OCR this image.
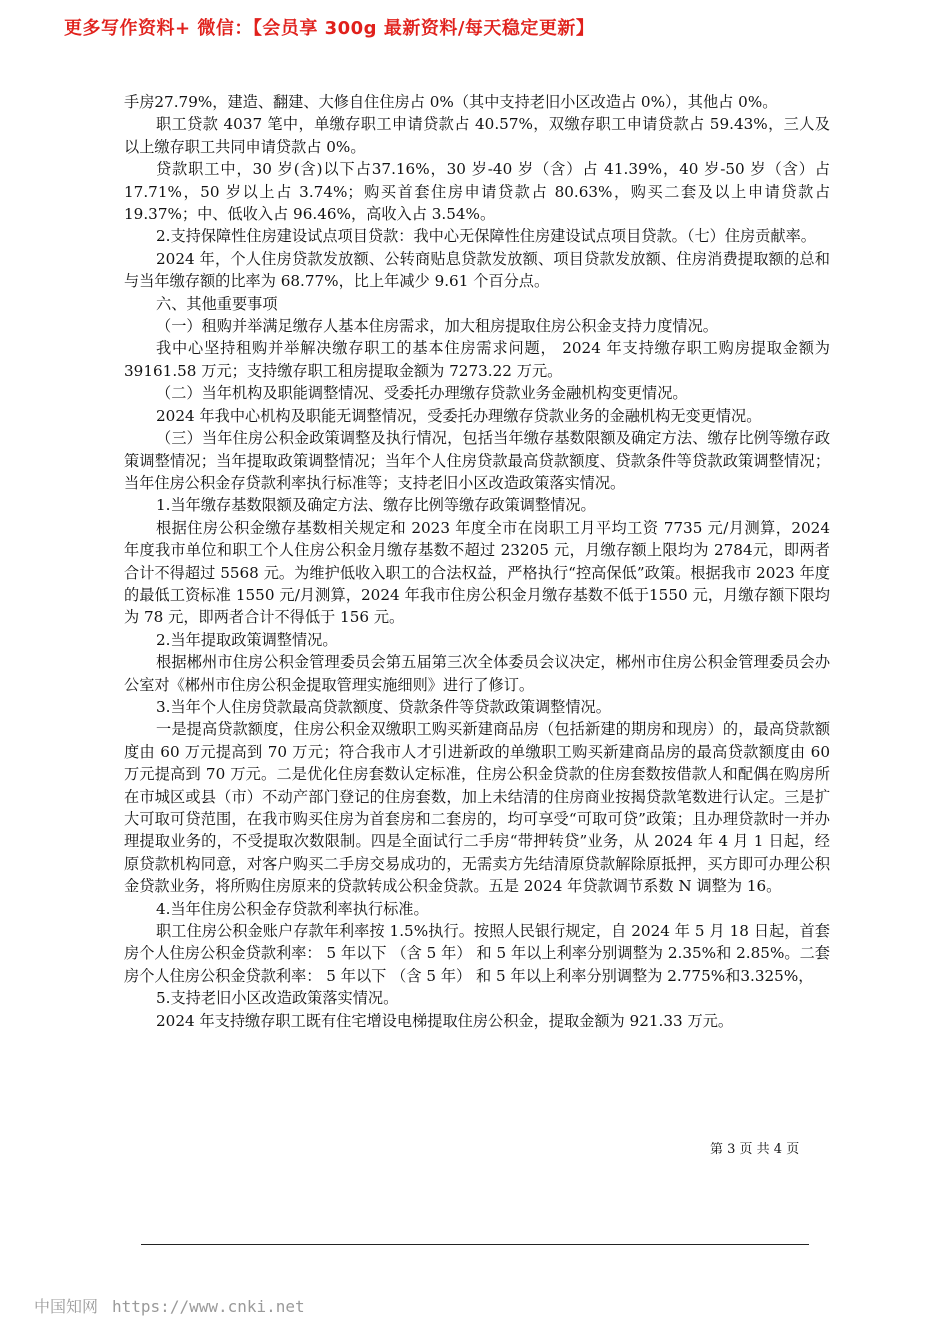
更多写作资料+ 微信：【会员享 300g 最新资料/每天稳定更新】

手房27.79%，建造、翻建、大修自住住房占 0%（其中支持老旧小区改造占 0%），其他占 0%。

职工贷款 4037 笔中，单缴存职工申请贷款占 40.57%，双缴存职工申请贷款占 59.43%，三人及以上缴存职工共同申请贷款占 0%。

贷款职工中，30 岁(含)以下占37.16%，30 岁-40 岁（含）占 41.39%，40 岁-50 岁（含）占17.71%，50 岁以上占 3.74%；购买首套住房申请贷款占 80.63%，购买二套及以上申请贷款占19.37%；中、低收入占 96.46%，高收入占 3.54%。

2.支持保障性住房建设试点项目贷款：我中心无保障性住房建设试点项目贷款。（七）住房贡献率。

2024 年，个人住房贷款发放额、公转商贴息贷款发放额、项目贷款发放额、住房消费提取额的总和与当年缴存额的比率为 68.77%，比上年减少 9.61 个百分点。

六、其他重要事项

（一）租购并举满足缴存人基本住房需求，加大租房提取住房公积金支持力度情况。

我中心坚持租购并举解决缴存职工的基本住房需求问题， 2024 年支持缴存职工购房提取金额为 39161.58 万元；支持缴存职工租房提取金额为 7273.22 万元。

（二）当年机构及职能调整情况、受委托办理缴存贷款业务金融机构变更情况。

2024 年我中心机构及职能无调整情况，受委托办理缴存贷款业务的金融机构无变更情况。

（三）当年住房公积金政策调整及执行情况，包括当年缴存基数限额及确定方法、缴存比例等缴存政策调整情况；当年提取政策调整情况；当年个人住房贷款最高贷款额度、贷款条件等贷款政策调整情况；当年住房公积金存贷款利率执行标准等；支持老旧小区改造政策落实情况。

1.当年缴存基数限额及确定方法、缴存比例等缴存政策调整情况。

根据住房公积金缴存基数相关规定和 2023 年度全市在岗职工月平均工资 7735 元/月测算，2024 年度我市单位和职工个人住房公积金月缴存基数不超过 23205 元，月缴存额上限均为 2784元，即两者合计不得超过 5568 元。为维护低收入职工的合法权益，严格执行“控高保低”政策。根据我市 2023 年度的最低工资标准 1550 元/月测算，2024 年我市住房公积金月缴存基数不低于1550 元，月缴存额下限均为 78 元，即两者合计不得低于 156 元。

2.当年提取政策调整情况。

根据郴州市住房公积金管理委员会第五届第三次全体委员会议决定，郴州市住房公积金管理委员会办公室对《郴州市住房公积金提取管理实施细则》进行了修订。

3.当年个人住房贷款最高贷款额度、贷款条件等贷款政策调整情况。

一是提高贷款额度，住房公积金双缴职工购买新建商品房（包括新建的期房和现房）的，最高贷款额度由 60 万元提高到 70 万元；符合我市人才引进新政的单缴职工购买新建商品房的最高贷款额度由 60 万元提高到 70 万元。二是优化住房套数认定标准，住房公积金贷款的住房套数按借款人和配偶在购房所在市城区或县（市）不动产部门登记的住房套数，加上未结清的住房商业按揭贷款笔数进行认定。三是扩大可取可贷范围，在我市购买住房为首套房和二套房的，均可享受“可取可贷”政策；且办理贷款时一并办理提取业务的，不受提取次数限制。四是全面试行二手房“带押转贷”业务，从 2024 年 4 月 1 日起，经原贷款机构同意，对客户购买二手房交易成功的，无需卖方先结清原贷款解除原抵押，买方即可办理公积金贷款业务，将所购住房原来的贷款转成公积金贷款。五是 2024 年贷款调节系数 N 调整为 16。

4.当年住房公积金存贷款利率执行标准。

职工住房公积金账户存款年利率按 1.5%执行。按照人民银行规定，自 2024 年 5 月 18 日起，首套房个人住房公积金贷款利率： 5 年以下 （含 5 年） 和 5 年以上利率分别调整为 2.35%和 2.85%。二套房个人住房公积金贷款利率： 5 年以下 （含 5 年） 和 5 年以上利率分别调整为 2.775%和3.325%，

5.支持老旧小区改造政策落实情况。

2024 年支持缴存职工既有住宅增设电梯提取住房公积金，提取金额为 921.33 万元。

第 3 页 共 4 页
中国知网 https://www.cnki.net
